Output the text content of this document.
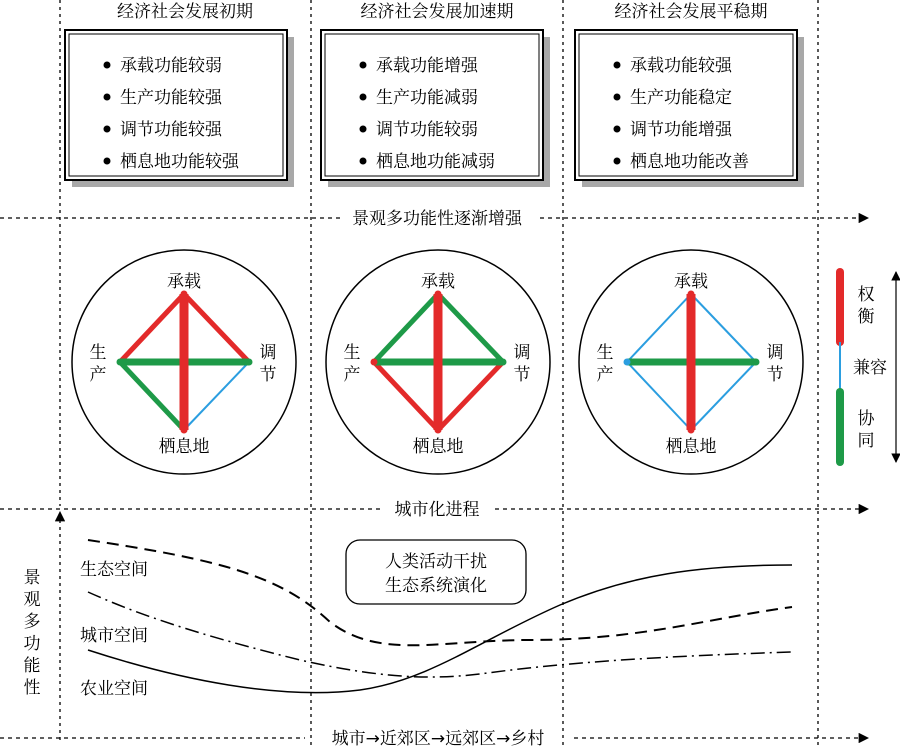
经济社会发展初期	经济社会发展加速期	经济社会发展平稳期
承载功能较弱
生产功能较强
调节功能较强
栖息地功能较强
承载功能增强
生产功能减弱
调节功能较弱
栖息地功能减弱
承载功能较强
生产功能稳定
调节功能增强
栖息地功能改善
景观多功能性逐渐增强
承载
生
产
调
节
栖息地
承载
生
产
调
节
栖息地
承载
生
产
调
节
栖息地
权
衡
兼容
协
同
城市化进程
景
观
多
功
能
性
城市→近郊区→远郊区→乡村
生态空间
城市空间
农业空间
人类活动干扰
生态系统演化
